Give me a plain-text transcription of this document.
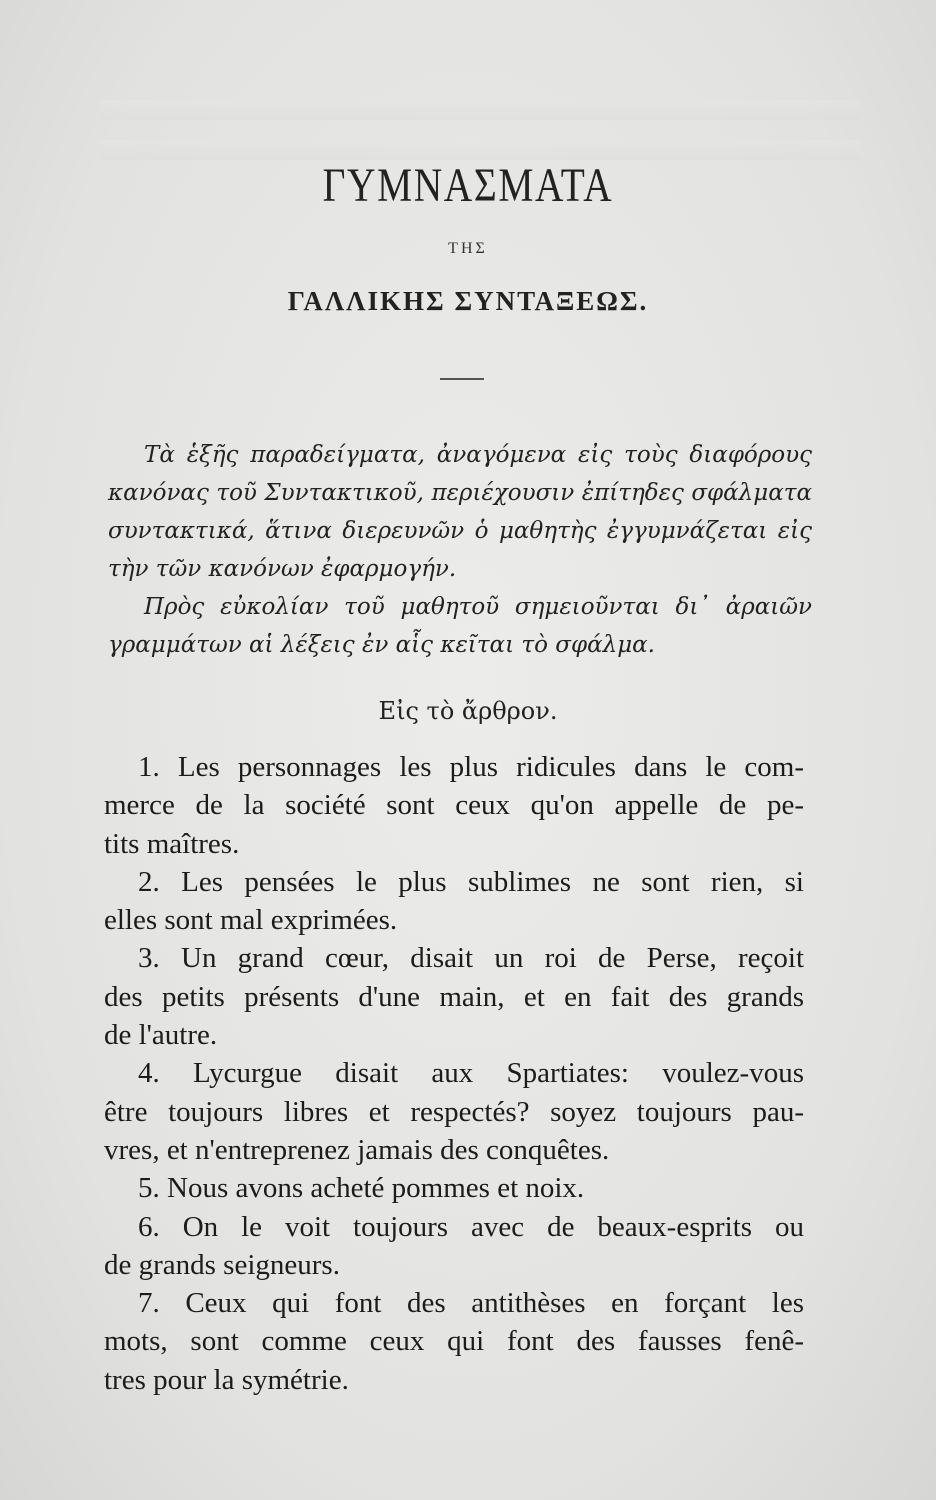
ΓΥΜΝΑΣΜΑΤΑ
ΤΗΣ
ΓΑΛΛΙΚΗΣ ΣΥΝΤΑΞΕΩΣ.
Τὰ ἑξῆς παραδείγματα, ἀναγόμενα εἰς τοὺς διαφόρους
κανόνας τοῦ Συντακτικοῦ, περιέχουσιν ἐπίτηδες σφάλματα
συντακτικά, ἅτινα διερευνῶν ὁ μαθητὴς ἐγγυμνάζεται εἰς
τὴν τῶν κανόνων ἐφαρμογήν.
Πρὸς εὐκολίαν τοῦ μαθητοῦ σημειοῦνται δι᾽ ἀραιῶν
γραμμάτων αἱ λέξεις ἐν αἷς κεῖται τὸ σφάλμα.
Εἰς τὸ ἄρθρον.
1. Les personnages les plus ridicules dans le com-
merce de la société sont ceux qu'on appelle de pe-
tits maîtres.
2. Les pensées le plus sublimes ne sont rien, si
elles sont mal exprimées.
3. Un grand cœur, disait un roi de Perse, reçoit
des petits présents d'une main, et en fait des grands
de l'autre.
4. Lycurgue disait aux Spartiates: voulez-vous
être toujours libres et respectés? soyez toujours pau-
vres, et n'entreprenez jamais des conquêtes.
5. Nous avons acheté pommes et noix.
6. On le voit toujours avec de beaux-esprits ou
de grands seigneurs.
7. Ceux qui font des antithèses en forçant les
mots, sont comme ceux qui font des fausses fenê-
tres pour la symétrie.
